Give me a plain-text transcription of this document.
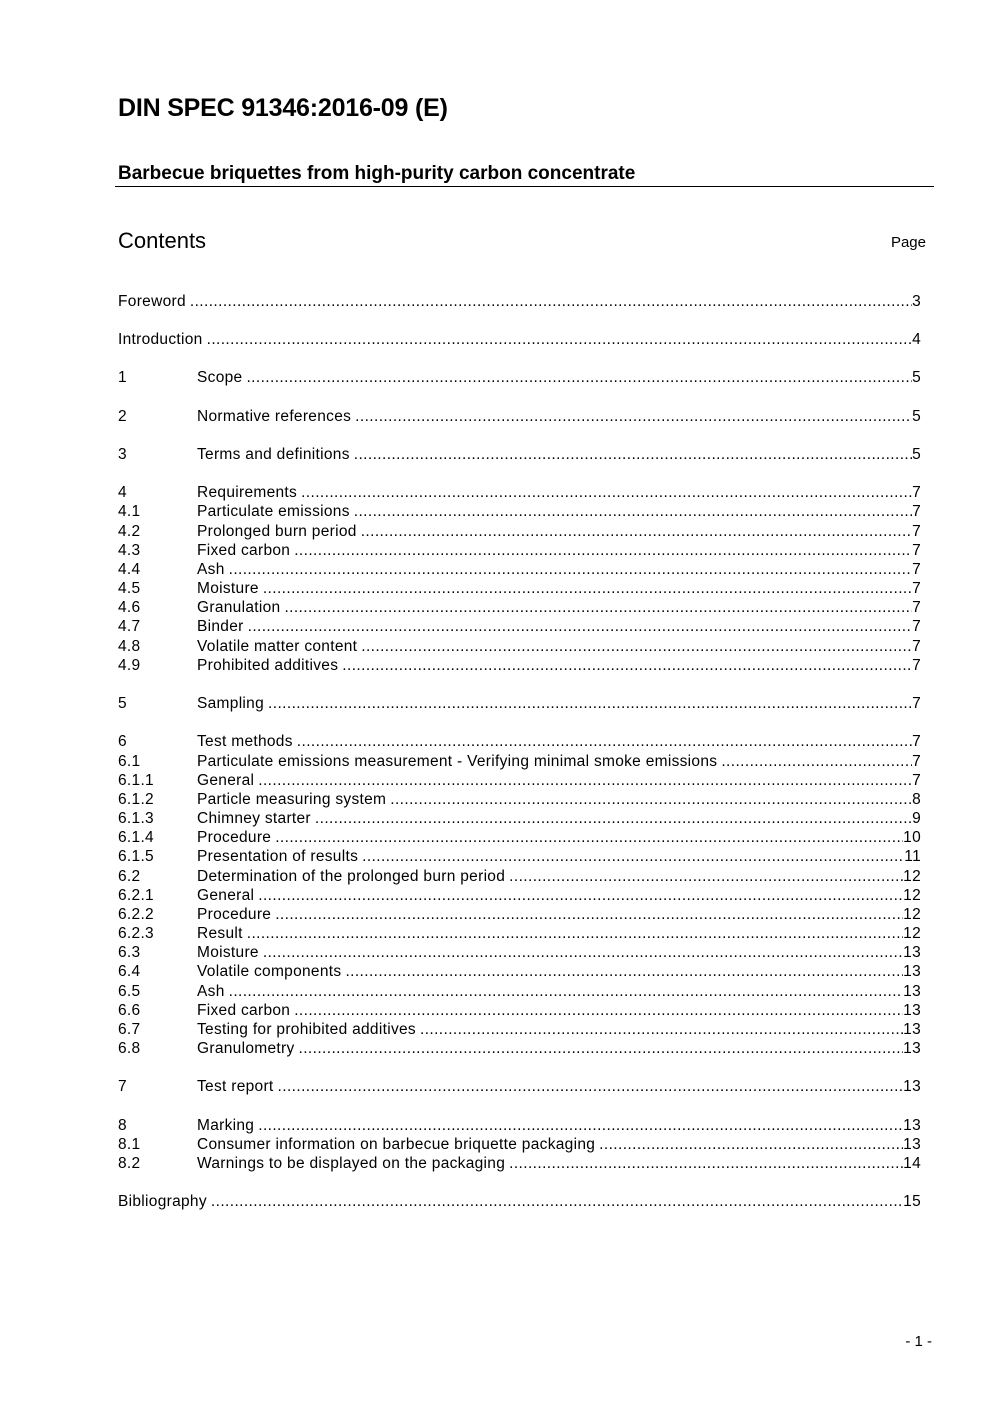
DIN SPEC 91346:2016-09 (E)
Barbecue briquettes from high-purity carbon concentrate
Contents	Page
Foreword .....	3
Introduction .....	4
1	Scope .....	5
2	Normative references .....	5
3	Terms and definitions .....	5
4	Requirements .....	7
4.1	Particulate emissions .....	7
4.2	Prolonged burn period .....	7
4.3	Fixed carbon .....	7
4.4	Ash .....	7
4.5	Moisture .....	7
4.6	Granulation .....	7
4.7	Binder .....	7
4.8	Volatile matter content .....	7
4.9	Prohibited additives .....	7
5	Sampling .....	7
6	Test methods .....	7
6.1	Particulate emissions measurement - Verifying minimal smoke emissions .....	7
6.1.1	General .....	7
6.1.2	Particle measuring system .....	8
6.1.3	Chimney starter .....	9
6.1.4	Procedure .....	10
6.1.5	Presentation of results .....	11
6.2	Determination of the prolonged burn period .....	12
6.2.1	General .....	12
6.2.2	Procedure .....	12
6.2.3	Result .....	12
6.3	Moisture .....	13
6.4	Volatile components .....	13
6.5	Ash .....	13
6.6	Fixed carbon .....	13
6.7	Testing for prohibited additives .....	13
6.8	Granulometry .....	13
7	Test report .....	13
8	Marking .....	13
8.1	Consumer information on barbecue briquette packaging .....	13
8.2	Warnings to be displayed on the packaging .....	14
Bibliography .....	15
- 1 -
